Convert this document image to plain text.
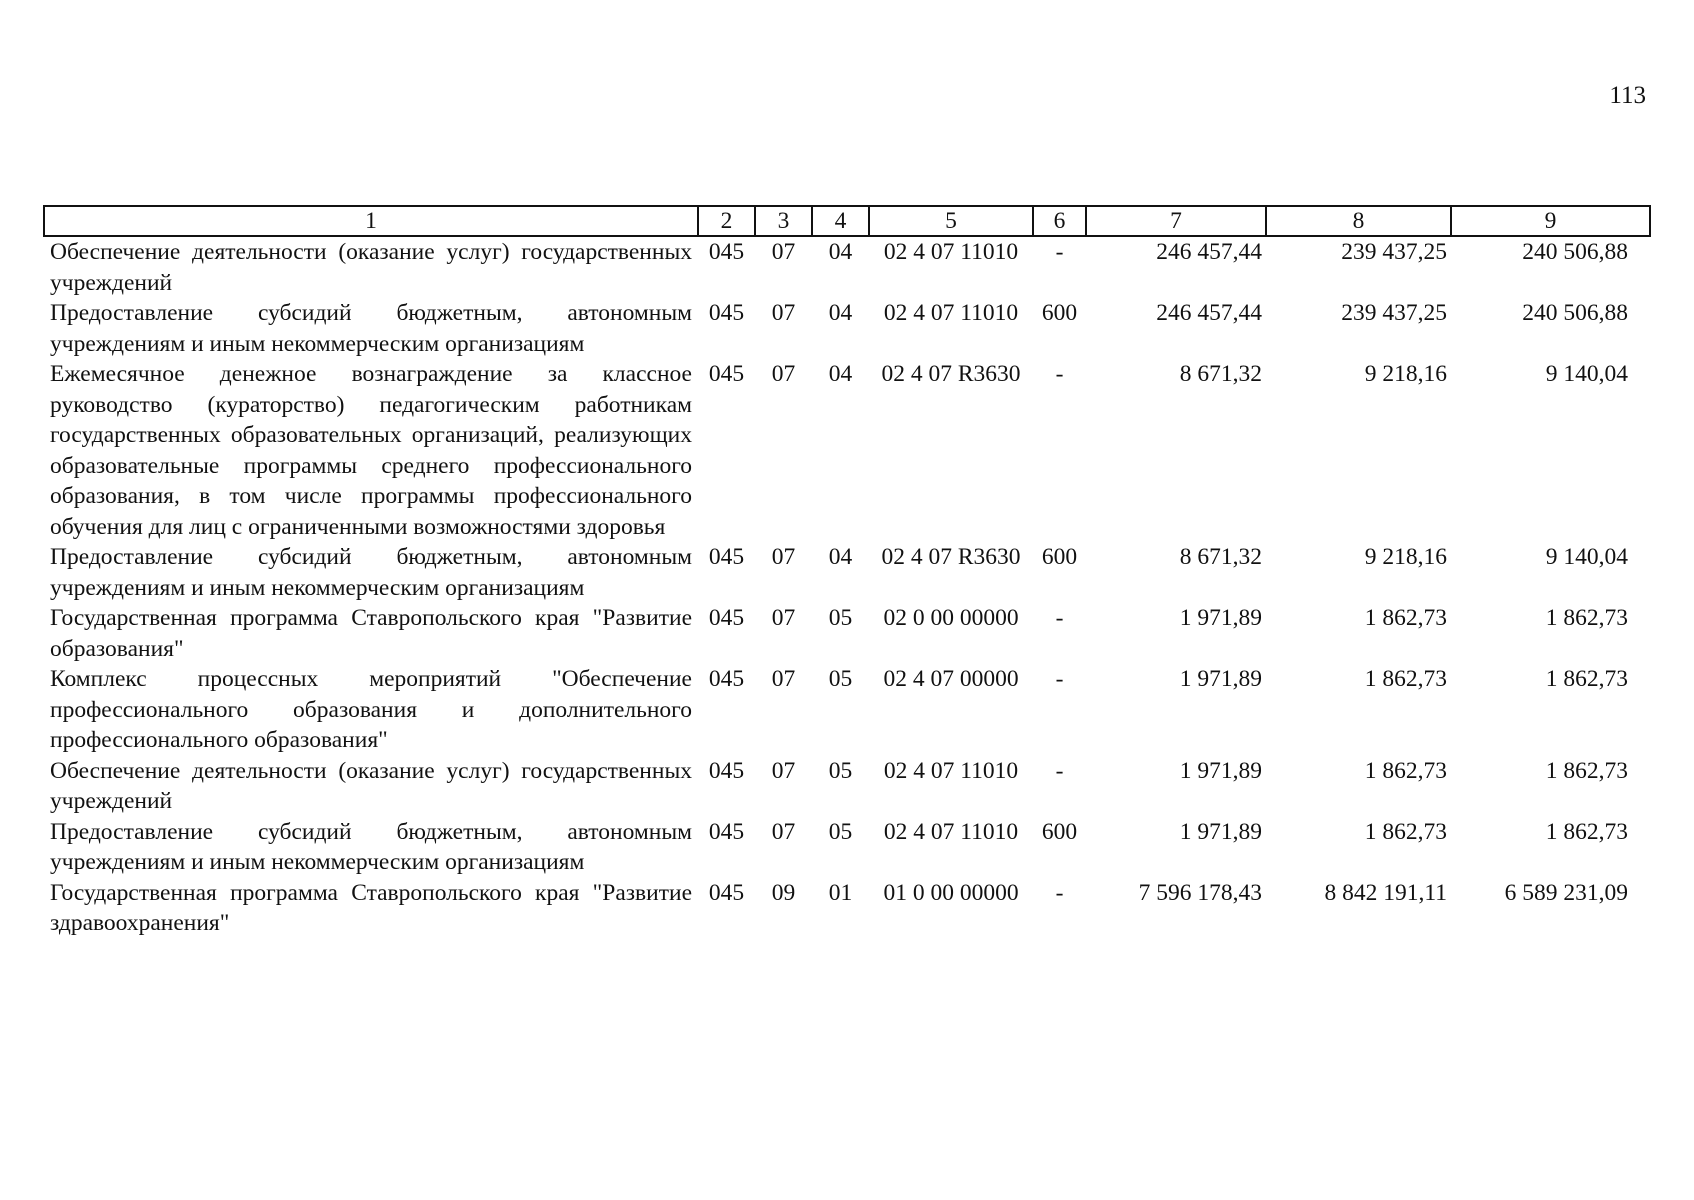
113
1	2	3	4	5	6	7	8	9
Обеспечение деятельности (оказание услуг) государственных учреждений	045	07	04	02 4 07 11010	-	246 457,44	239 437,25	240 506,88
Предоставление субсидий бюджетным, автономным учреждениям и иным некоммерческим организациям	045	07	04	02 4 07 11010	600	246 457,44	239 437,25	240 506,88
Ежемесячное денежное вознаграждение за классное руководство (кураторство) педагогическим работникам государственных образовательных организаций, реализующих образовательные программы среднего профессионального образования, в том числе программы профессионального обучения для лиц с ограниченными возможностями здоровья	045	07	04	02 4 07 R3630	-	8 671,32	9 218,16	9 140,04
Предоставление субсидий бюджетным, автономным учреждениям и иным некоммерческим организациям	045	07	04	02 4 07 R3630	600	8 671,32	9 218,16	9 140,04
Государственная программа Ставропольского края "Развитие образования"	045	07	05	02 0 00 00000	-	1 971,89	1 862,73	1 862,73
Комплекс процессных мероприятий "Обеспечение профессионального образования и дополнительного профессионального образования"	045	07	05	02 4 07 00000	-	1 971,89	1 862,73	1 862,73
Обеспечение деятельности (оказание услуг) государственных учреждений	045	07	05	02 4 07 11010	-	1 971,89	1 862,73	1 862,73
Предоставление субсидий бюджетным, автономным учреждениям и иным некоммерческим организациям	045	07	05	02 4 07 11010	600	1 971,89	1 862,73	1 862,73
Государственная программа Ставропольского края "Развитие здравоохранения"	045	09	01	01 0 00 00000	-	7 596 178,43	8 842 191,11	6 589 231,09
